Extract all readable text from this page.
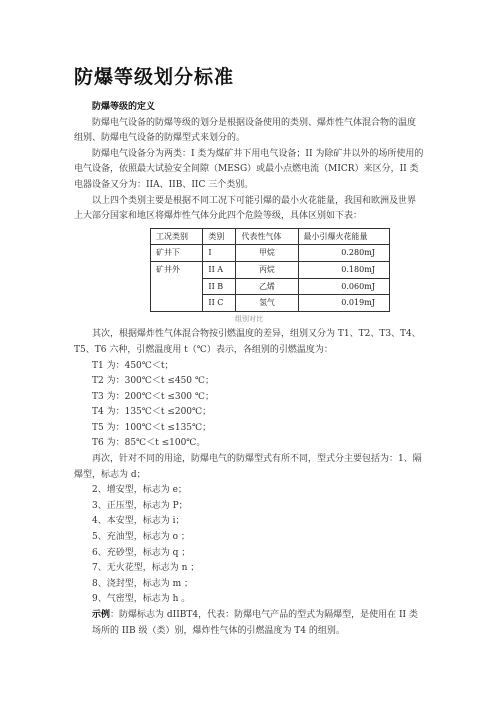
防爆等级划分标准

防爆等级的定义

防爆电气设备的防爆等级的划分是根据设备使用的类别、爆炸性气体混合物的温度组别、防爆电气设备的防爆型式来划分的。

防爆电气设备分为两类：I 类为煤矿井下用电气设备；II 为除矿井以外的场所使用的电气设备，依照最大试验安全间隙（MESG）或最小点燃电流（MICR）来区分，II 类电器设备又分为：IIA、IIB、IIC 三个类别。

以上四个类别主要是根据不同工况下可能引爆的最小火花能量，我国和欧洲及世界上大部分国家和地区将爆炸性气体分此四个危险等级，具体区别如下表：

工况类别	类别	代表性气体	最小引爆火花能量
矿井下	I	甲烷	0.280mJ
矿井外	II A	丙烷	0.180mJ
	II B	乙烯	0.060mJ
	II C	氢气	0.019mJ

组别对比

其次，根据爆炸性气体混合物按引燃温度的差异，组别又分为 T1、T2、T3、T4、T5、T6 六种，引燃温度用 t（℃）表示，各组别的引燃温度为：

T1 为：450℃＜t；

T2 为：300℃＜t ≤450 ℃；

T3 为：200℃＜t ≤300 ℃；

T4 为：135℃＜t ≤200℃；

T5 为：100℃＜t ≤135℃；

T6 为：85℃＜t ≤100℃。

再次，针对不同的用途，防爆电气的防爆型式有所不同，型式分主要包括为：1、隔爆型，标志为 d；

2、增安型，标志为 e；

3、正压型，标志为 P；

4、本安型，标志为 i；

5、充油型，标志为 o ；

6、充砂型，标志为 q ；

7、无火花型，标志为 n ；

8、浇封型，标志为 m ；

9、气密型，标志为 h 。

示例：防爆标志为 dIIBT4，代表：防爆电气产品的型式为隔爆型，是使用在 II 类场所的 IIB 级（类）别，爆炸性气体的引燃温度为 T4 的组别。
